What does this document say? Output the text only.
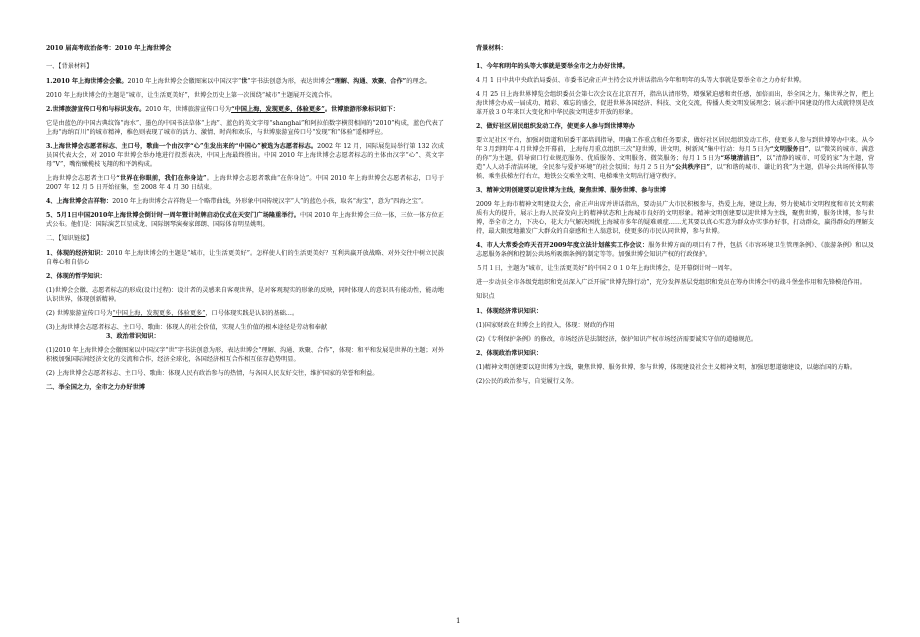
2010 届高考政治备考：2010 年上海世博会
一、【背景材料】
1.2010 年上海世博会会徽。2010 年上海世博会会徽图案以中国汉字“世”字书法创意为形，表达世博会“理解、沟通、欢聚、合作”的理念。
2010 年上海世博会的主题是“城市，让生活更美好”，世博会历史上第一次围绕“城市”主题展开交流合作。
2.世博旅游宣传口号和与标识发布。2010 年，世博旅游宣传口号为“中国上海，发现更多，体验更多”。世博旅游形象标识如下：
它是由蓝色的中国古典纹饰“海水”、墨色的中国书法草体“上海”、蓝色的英文字母“shanghai”和阿拉伯数字横贯相间的“2010”构成，蓝色代表了上海“海纳百川”的城市精神，稚色则表现了城市的活力、激情、时尚和欢乐，与世博旅游宣传口号“发现”和“体验”遥相呼应。
3.上海世博会志愿者标志、主口号，歌曲一个由汉字“心”生发出来的“中国心”被选为志愿者标志。2002 年 12 月，国际展览局举行第 132 次成员国代表大会，对 2010 年世博会举办地进行投票表决，中国上海最终胜出。中国 2010 年上海世博会志愿者标志的主体由汉字“心”、英文字母“V”，嘴衔橄榄枝飞翔的和平鸽构成。
上海世博会志愿者主口号“世界在你眼前，我们在你身边”。上海世博会志愿者歌曲“在你身边”。中国 2010 年上海世博会志愿者标志，口号于 2007 年 12 月 5 日开始征集，至 2008 年 4 月 30 日结束。
4、上海世博会吉祥物：2010 年上海世博会吉祥物是一个略带曲线，外形象中国传统汉字“人”的蓝色小孩，取名“海宝”，意为“四海之宝”。
5、5月1日中国2010年上海世博会倒计时一周年暨计时牌启动仪式在天安门广场隆重举行。中国 2010 年上海世博会三位一体，三位一体方位正式公布。他们是：国际演艺巨星成龙、国际钢琴演奏家郎朗、国际体育明星姚明。
二、【知识链接】
1、体现的经济知识：2010 年上海世博会的主题是“城市，让生活更美好”。怎样使人们的生活更美好？互利共赢开放战略、对外交往中树立民族自尊心和自信心
2、体现的哲学知识：
(1)世博会会徽、志愿者标志的形成(设计过程)：设计者的灵感来自客观世界，是对客观现实的形象的反映，同时体现人的意识具有能动性，能动地认识世界，体现创新精神。
(2) 世博旅游宣传口号为“中国上海，发现更多，体验更多”，口号体现实践是认识的基础…。
(3)上海世博会志愿者标志、主口号、歌曲：体现人的社会价值，实现人生价值的根本途径是劳动和奉献
3、政治常识知识：
(1)2010 年上海世博会会徽图案以中国汉字“世”字书法创意为形，表达世博会“理解、沟通、欢聚、合作”，体现：和平和发展是世界的主题；对外积极加强国际间经济文化的交流和合作，经济全球化，各国经济相互合作相互依存趋势明显。
(2) 上海世博会志愿者标志、主口号、歌曲：体现人民有政治参与的热情，与各国人民友好交往，维护国家的荣誉和利益。
二、举全国之力，全市之力办好世博
背景材料：
1、今年和明年的头等大事就是要举全市之力办好世博。
4 月 1 日中共中央政治局委员、市委书记俞正声主持会议并讲话指出今年和明年的头等大事就是要举全市之力办好世博。
4 月 25 日上海世界博览会组织委员会第七次会议在北京召开，指出认清形势，增强紧迫感和责任感，加倍而出，举全国之力，集世界之智，把上海世博会办成一届成功、精彩、难忘的盛会，促进世界各国经济、科技、文化交流，传播人类文明发展理念；展示新中国建设的伟大成就特别是改革开放３０年来巨大变化和中华民族文明进步开放的形象。
2、做好社区居民组织发动工作，使更多人参与到世博筹办
要立足社区平台，加强对街道和居委干部培训指导，明确工作重点和任务要求，做好社区居民组织发动工作，使更多人参与到世博筹办中来。从今年３月到明年４月世博会开幕前，上海每月重点组织三次“迎世博，讲文明，树新风”集中行动：每月５日为“文明服务日”，以“微笑的城市、满意的你”为主题，倡导窗口行业规范服务、优质服务、文明服务、微笑服务；每月１５日为“环境清洁日”，以“清静的城市、可爱的家”为主题，营造“人人动手清洁环境，全民参与爱护环境”的社会氛围；每月２５日为“公共秩序日”，以“和谐的城市、谦让的我”为主题，倡导公共场所排队等候、乘坐扶梯左行右立，地铁公交乘坐文明、电梯乘坐文明出行通守秩序。
3、精神文明创建要以迎世博为主线，聚焦世博、服务世博、参与世博
2009 年上海市精神文明建设大会，俞正声出席并讲话指出，要动员广大市民积极参与，热爱上海，建设上海，努力使城市文明程度和市民文明素质有大的提升，展示上海人民奋发向上的精神状态和上海城市良好的文明形象。精神文明创建要以迎世博为主线，聚焦世博，服务世博，参与世博，举全市之力，下决心，花大力气解决困扰上海城市多年的疑难顽症……尤其要以真心实意为群众办实事办好事，打动群众，赢得群众的理解支持，最大限度地激发广大群众的自豪感和主人翁意识，使更多的市民认同世博，参与世博。
4、市人大常委会昨天召开2009年度立法计划落实工作会议：服务世博方面的项目有７件，包括《市容环境卫生管理条例》、《旅游条例》和以及志愿服务条例和控制公共场所吸烟条例的制定等等。加强世博会知识产权的行政保护。
５月１日，主题为“城市，让生活更美好”的中国２０１０年上海世博会，是开幕倒计时一周年。
进一步动员全市各级党组织和党员深入广泛开展“世博先锋行动”，充分发挥基层党组织和党员在筹办世博会中的战斗堡垒作用和先锋模范作用。
知识点
1、体现经济常识知识：
(1)国家财政在世博会上的投入，体现：财政的作用
(2)《专利保护条例》的修改，市场经济是法制经济，保护知识产权市场经济需要诚实守信的道德规范。
2、体现政治常识知识：
(1)精神文明创建要以迎世博为主线，聚焦世博、服务世博、参与世博，体现建设社会主义精神文明，加强思想道德建设，以德治国的方略。
(2)公民的政治参与，自觉履行义务。
1
